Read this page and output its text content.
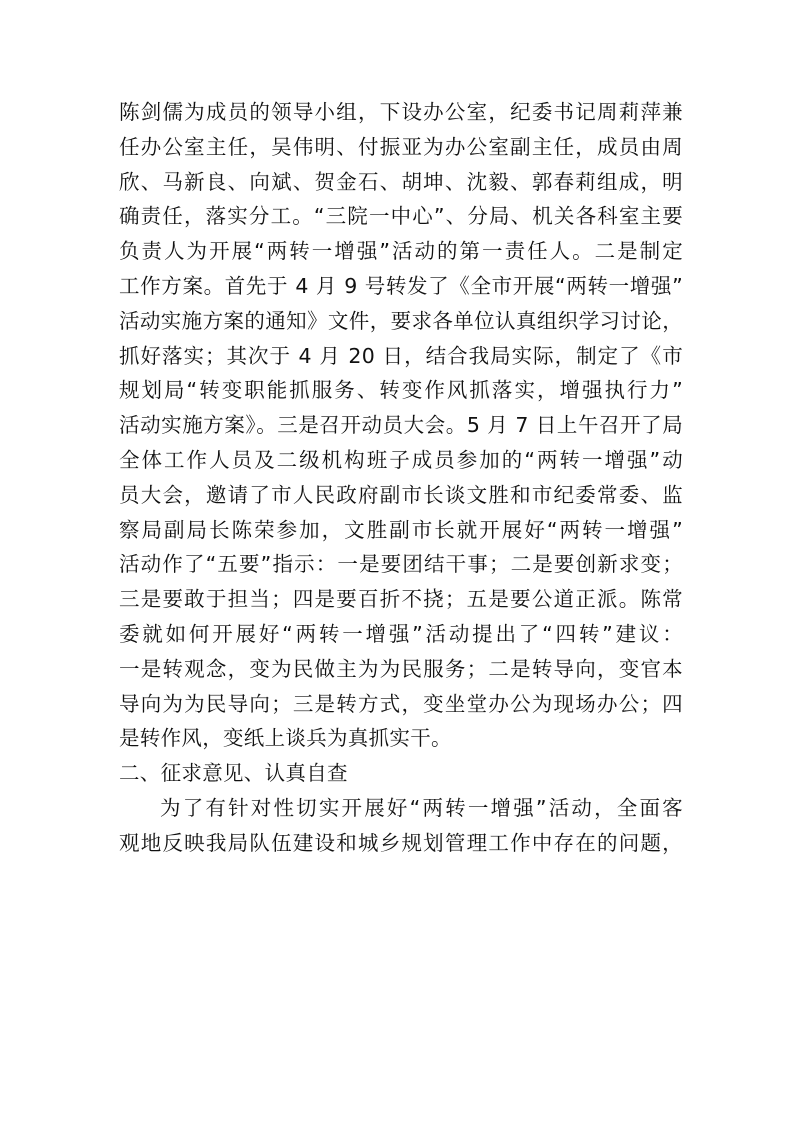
陈剑儒为成员的领导小组，下设办公室，纪委书记周莉萍兼
任办公室主任，吴伟明、付振亚为办公室副主任，成员由周
欣、马新良、向斌、贺金石、胡坤、沈毅、郭春莉组成，明
确责任，落实分工。“三院一中心”、分局、机关各科室主要
负责人为开展“两转一增强”活动的第一责任人。二是制定
工作方案。首先于 4 月 9 号转发了《全市开展“两转一增强”
活动实施方案的通知》文件，要求各单位认真组织学习讨论，
抓好落实；其次于 4 月 20 日，结合我局实际，制定了《市
规划局“转变职能抓服务、转变作风抓落实，增强执行力”
活动实施方案》。三是召开动员大会。5 月 7 日上午召开了局
全体工作人员及二级机构班子成员参加的“两转一增强”动
员大会，邀请了市人民政府副市长谈文胜和市纪委常委、监
察局副局长陈荣参加，文胜副市长就开展好“两转一增强”
活动作了“五要”指示：一是要团结干事；二是要创新求变；
三是要敢于担当；四是要百折不挠；五是要公道正派。陈常
委就如何开展好“两转一增强”活动提出了“四转”建议：
一是转观念，变为民做主为为民服务；二是转导向，变官本
导向为为民导向；三是转方式，变坐堂办公为现场办公；四
是转作风，变纸上谈兵为真抓实干。
二、征求意见、认真自查
为了有针对性切实开展好“两转一增强”活动，全面客
观地反映我局队伍建设和城乡规划管理工作中存在的问题，
